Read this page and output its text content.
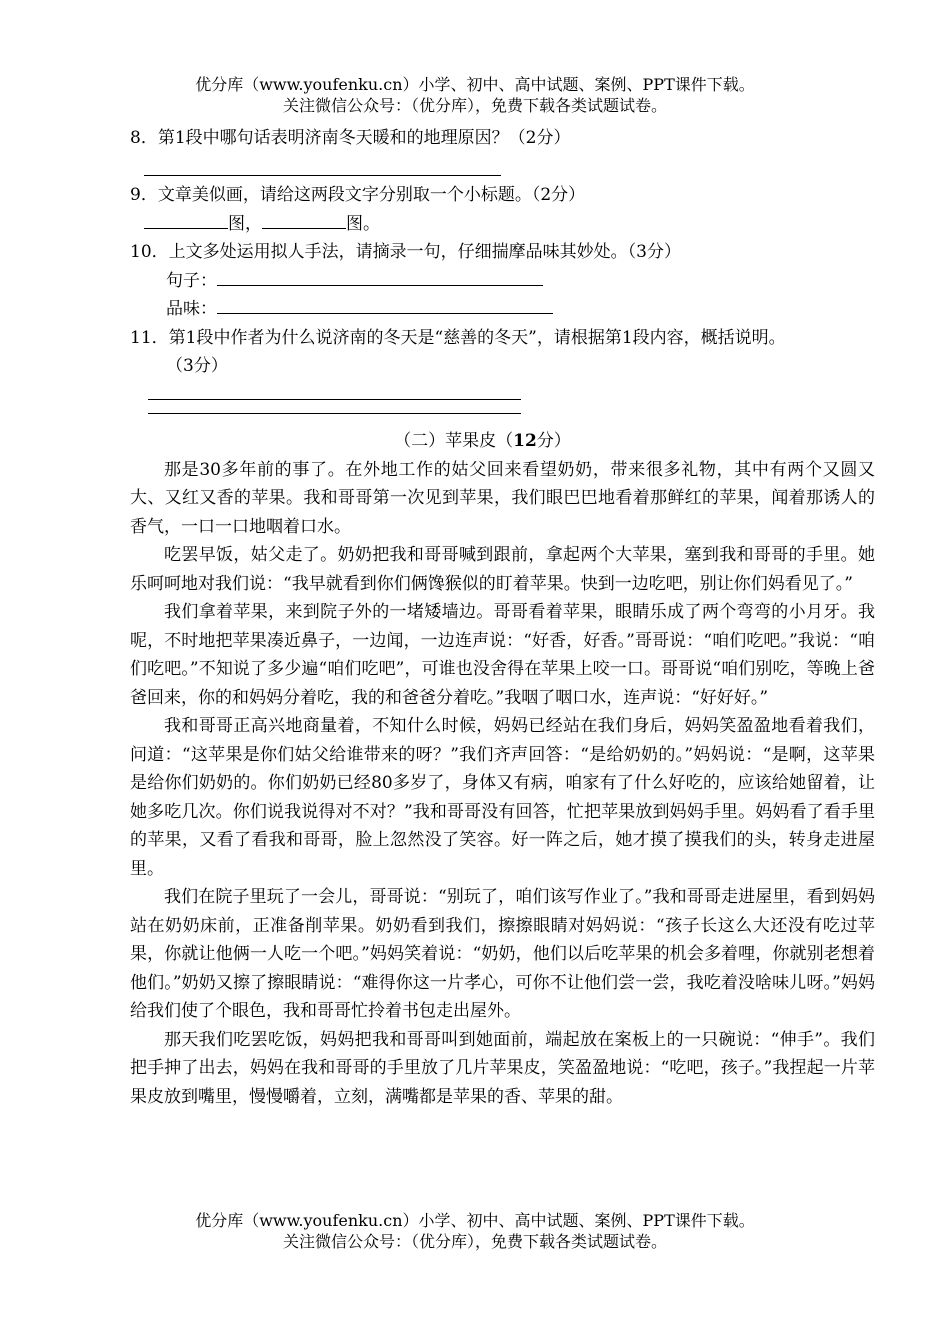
优分库（www.youfenku.cn）小学、初中、高中试题、案例、PPT课件下载。
关注微信公众号：（优分库），免费下载各类试题试卷。

8．第1段中哪句话表明济南冬天暖和的地理原因？（2分）

9．文章美似画，请给这两段文字分别取一个小标题。（2分）

图，	图。

10．上文多处运用拟人手法，请摘录一句，仔细揣摩品味其妙处。（3分）

句子：
品味：

11．第1段中作者为什么说济南的冬天是“慈善的冬天”，请根据第1段内容，概括说明。

（3分）

（二）苹果皮（12分）

那是30多年前的事了。在外地工作的姑父回来看望奶奶，带来很多礼物，其中有两个又圆又大、又红又香的苹果。我和哥哥第一次见到苹果，我们眼巴巴地看着那鲜红的苹果，闻着那诱人的香气，一口一口地咽着口水。

吃罢早饭，姑父走了。奶奶把我和哥哥喊到跟前，拿起两个大苹果，塞到我和哥哥的手里。她乐呵呵地对我们说：“我早就看到你们俩馋猴似的盯着苹果。快到一边吃吧，别让你们妈看见了。”

我们拿着苹果，来到院子外的一堵矮墙边。哥哥看着苹果，眼睛乐成了两个弯弯的小月牙。我呢，不时地把苹果凑近鼻子，一边闻，一边连声说：“好香，好香。”哥哥说：“咱们吃吧。”我说：“咱们吃吧。”不知说了多少遍“咱们吃吧”，可谁也没舍得在苹果上咬一口。哥哥说“咱们别吃，等晚上爸爸回来，你的和妈妈分着吃，我的和爸爸分着吃。”我咽了咽口水，连声说：“好好好。”

我和哥哥正高兴地商量着，不知什么时候，妈妈已经站在我们身后，妈妈笑盈盈地看着我们，问道：“这苹果是你们姑父给谁带来的呀？”我们齐声回答：“是给奶奶的。”妈妈说：“是啊，这苹果是给你们奶奶的。你们奶奶已经80多岁了，身体又有病，咱家有了什么好吃的，应该给她留着，让她多吃几次。你们说我说得对不对？”我和哥哥没有回答，忙把苹果放到妈妈手里。妈妈看了看手里的苹果，又看了看我和哥哥，脸上忽然没了笑容。好一阵之后，她才摸了摸我们的头，转身走进屋里。

我们在院子里玩了一会儿，哥哥说：“别玩了，咱们该写作业了。”我和哥哥走进屋里，看到妈妈站在奶奶床前，正准备削苹果。奶奶看到我们，擦擦眼睛对妈妈说：“孩子长这么大还没有吃过苹果，你就让他俩一人吃一个吧。”妈妈笑着说：“奶奶，他们以后吃苹果的机会多着哩，你就别老想着他们。”奶奶又擦了擦眼睛说：“难得你这一片孝心，可你不让他们尝一尝，我吃着没啥味儿呀。”妈妈给我们使了个眼色，我和哥哥忙拎着书包走出屋外。

那天我们吃罢吃饭，妈妈把我和哥哥叫到她面前，端起放在案板上的一只碗说：“伸手”。我们把手抻了出去，妈妈在我和哥哥的手里放了几片苹果皮，笑盈盈地说：“吃吧，孩子。”我捏起一片苹果皮放到嘴里，慢慢嚼着，立刻，满嘴都是苹果的香、苹果的甜。

优分库（www.youfenku.cn）小学、初中、高中试题、案例、PPT课件下载。
关注微信公众号：（优分库），免费下载各类试题试卷。
